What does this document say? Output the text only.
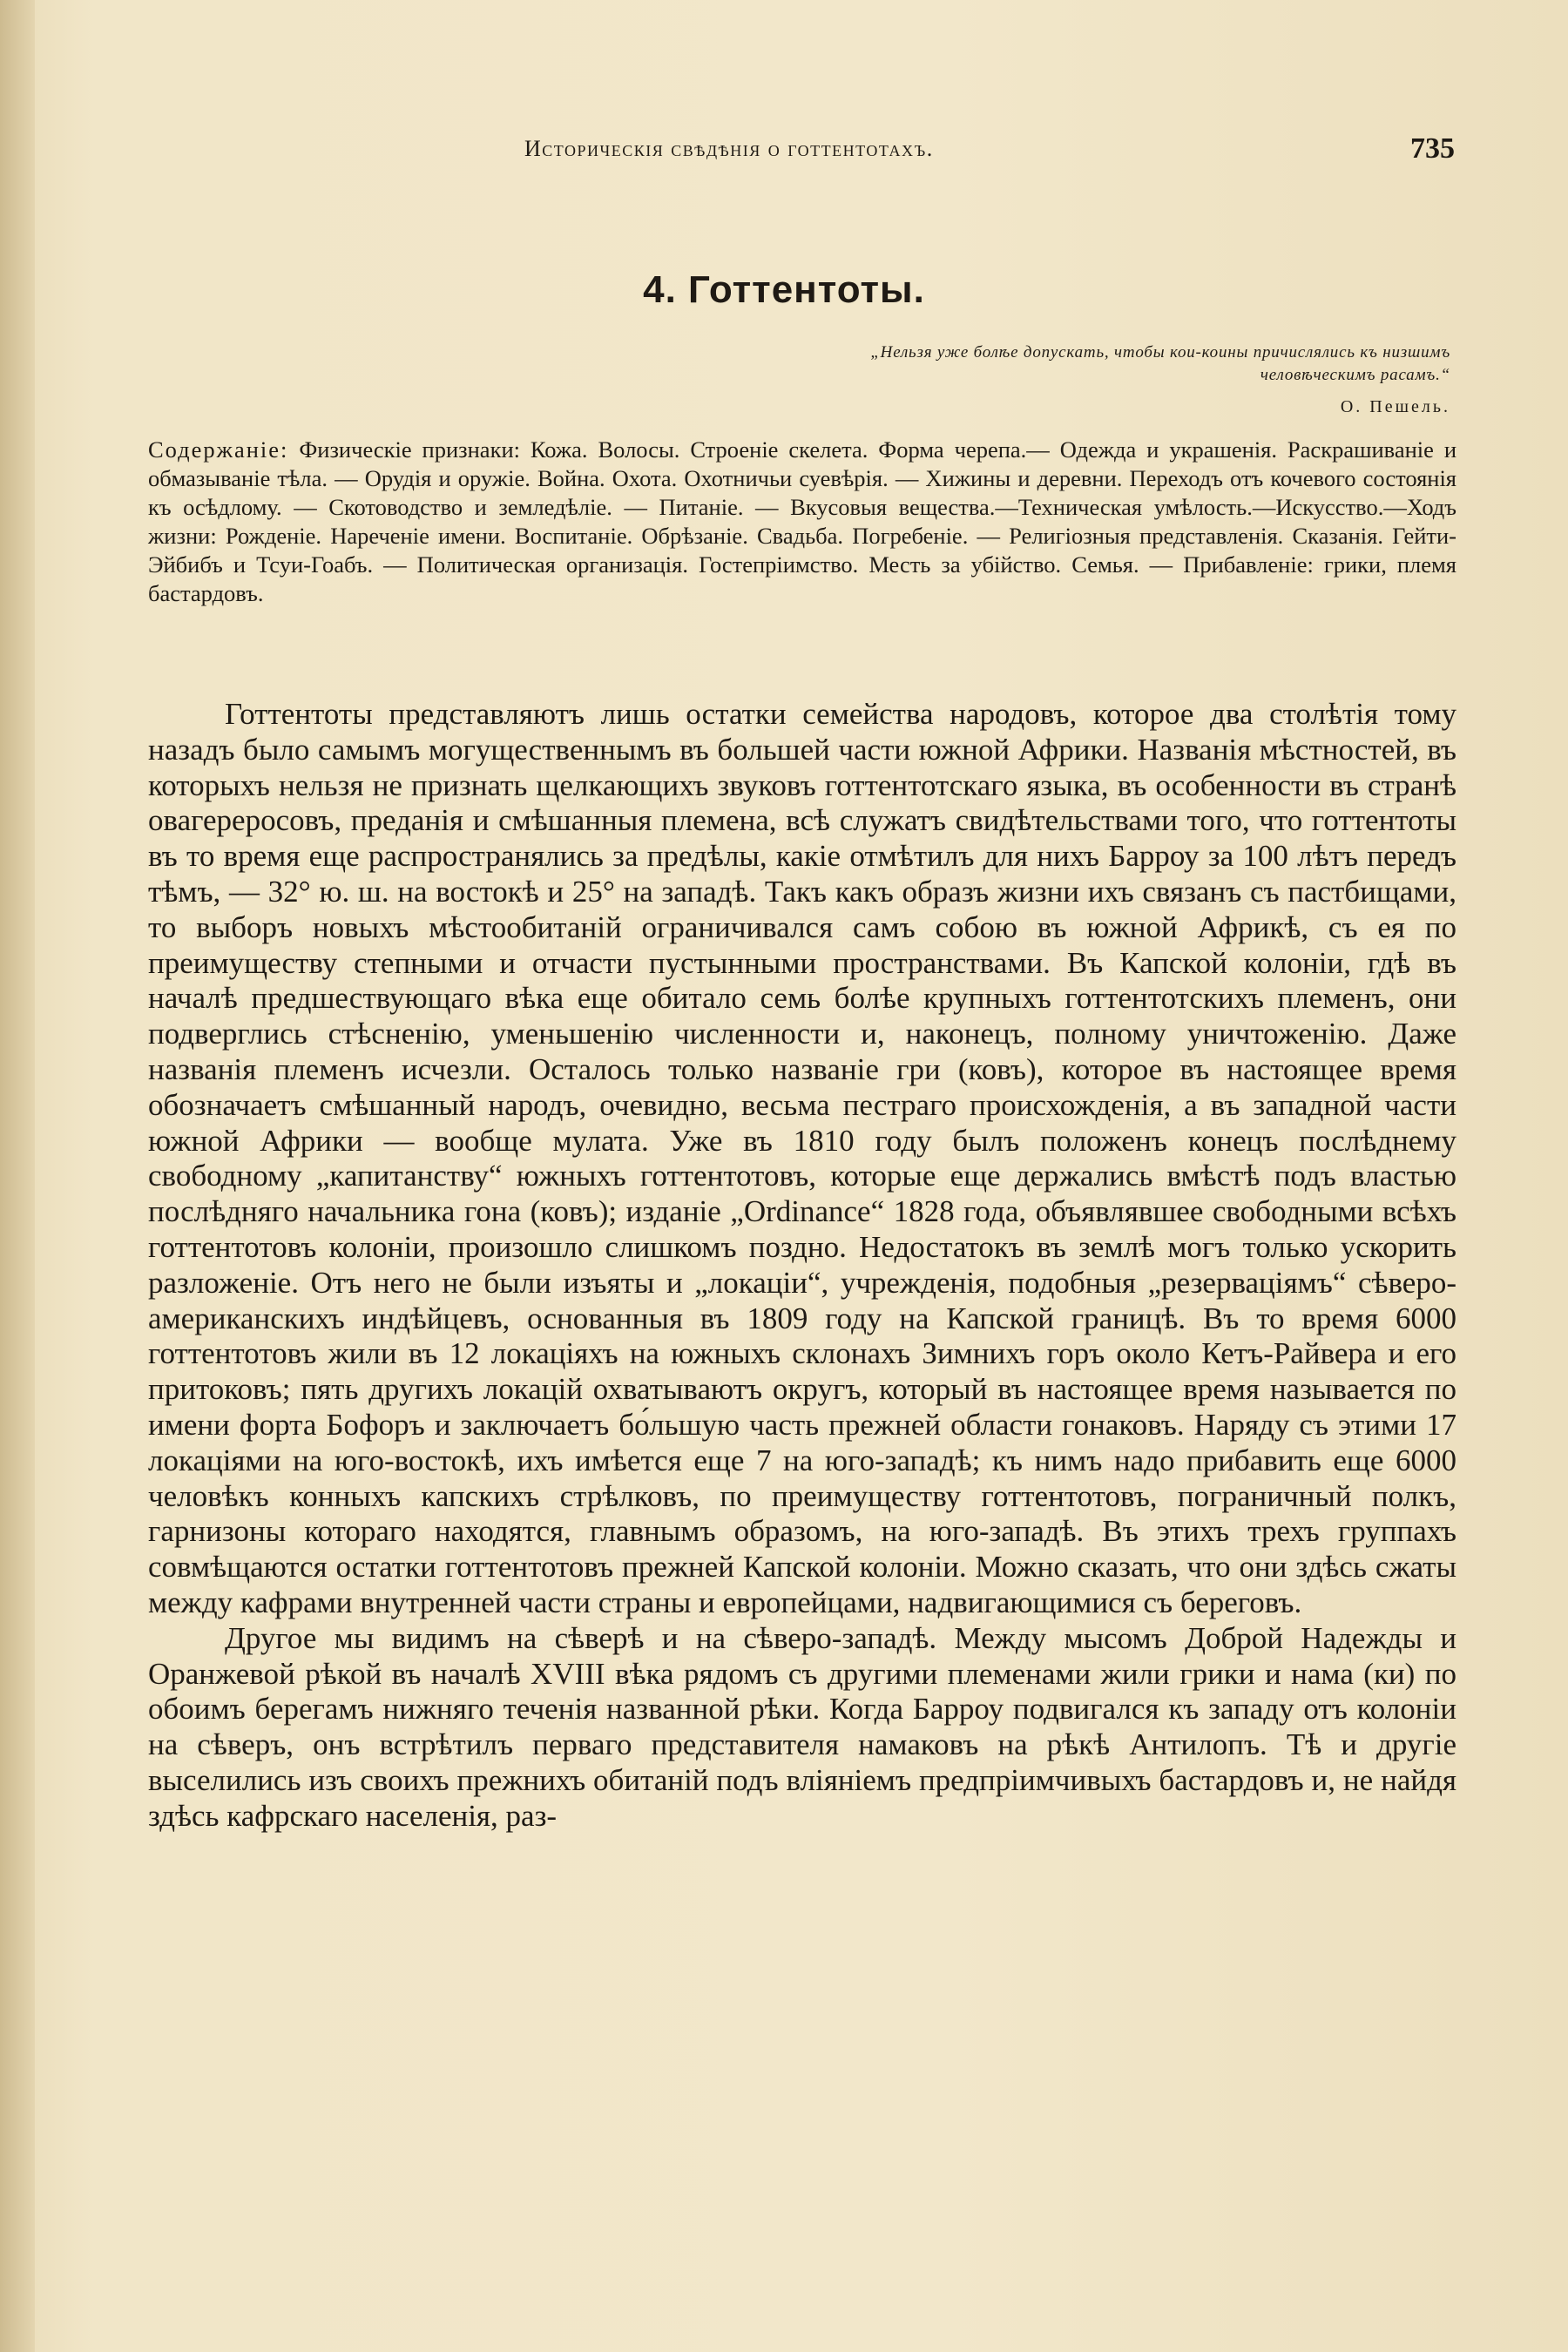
Историческія свѣдѣнія о готтентотахъ.	735
4. Готтентоты.
„Нельзя уже болѣе допускать, чтобы кои-коины причислялись къ низшимъ человѣческимъ расамъ.“
О. Пешель.
Содержаніе: Физическіе признаки: Кожа. Волосы. Строеніе скелета. Форма черепа.— Одежда и украшенія. Раскрашиваніе и обмазываніе тѣла. — Орудія и оружіе. Война. Охота. Охотничьи суевѣрія. — Хижины и деревни. Переходъ отъ кочевого состоянія къ осѣдлому. — Скотоводство и земледѣліе. — Питаніе. — Вкусовыя вещества.—Техническая умѣлость.—Искусство.—Ходъ жизни: Рожденіе. Нареченіе имени. Воспитаніе. Обрѣзаніе. Свадьба. Погребеніе. — Религіозныя представленія. Сказанія. Гейти-Эйбибъ и Тсуи-Гоабъ. — Политическая организація. Гостепріимство. Месть за убійство. Семья. — Прибавленіе: грики, племя бастардовъ.

Готтентоты представляютъ лишь остатки семейства народовъ, которое два столѣтія тому назадъ было самымъ могущественнымъ въ большей части южной Африки. Названія мѣстностей, въ которыхъ нельзя не признать щелкающихъ звуковъ готтентотскаго языка, въ особенности въ странѣ овагерероcовъ, преданія и смѣшанныя племена, всѣ служатъ свидѣтельствами того, что готтентоты въ то время еще распространялись за предѣлы, какіе отмѣтилъ для нихъ Барроу за 100 лѣтъ передъ тѣмъ, — 32° ю. ш. на востокѣ и 25° на западѣ. Такъ какъ образъ жизни ихъ связанъ съ пастбищами, то выборъ новыхъ мѣстообитаній ограничивался самъ собою въ южной Африкѣ, съ ея по преимуществу степными и отчасти пустынными пространствами. Въ Капской колоніи, гдѣ въ началѣ предшествующаго вѣка еще обитало семь болѣе крупныхъ готтентотскихъ племенъ, они подверглись стѣсненію, уменьшенію численности и, наконецъ, полному уничтоженію. Даже названія племенъ исчезли. Осталось только названіе гри (ковъ), которое въ настоящее время обозначаетъ смѣшанный народъ, очевидно, весьма пестраго происхожденія, а въ западной части южной Африки — вообще мулата. Уже въ 1810 году былъ положенъ конецъ послѣднему свободному „капитанству“ южныхъ готтентотовъ, которые еще держались вмѣстѣ подъ властью послѣдняго начальника гона (ковъ); изданіе „Ordinance“ 1828 года, объявлявшее свободными всѣхъ готтентотовъ колоніи, произошло слишкомъ поздно. Недостатокъ въ землѣ могъ только ускорить разложеніе. Отъ него не были изъяты и „локаціи“, учрежденія, подобныя „резерваціямъ“ сѣверо-американскихъ индѣйцевъ, основанныя въ 1809 году на Капской границѣ. Въ то время 6000 готтентотовъ жили въ 12 локаціяхъ на южныхъ склонахъ Зимнихъ горъ около Кетъ-Райвера и его притоковъ; пять другихъ локацій охватываютъ округъ, который въ настоящее время называется по имени форта Бофоръ и заключаетъ бо́льшую часть прежней области гонаковъ. Наряду съ этими 17 локаціями на юго-востокѣ, ихъ имѣется еще 7 на юго-западѣ; къ нимъ надо прибавить еще 6000 человѣкъ конныхъ капскихъ стрѣлковъ, по преимуществу готтентотовъ, пограничный полкъ, гарнизоны котораго находятся, главнымъ образомъ, на юго-западѣ. Въ этихъ трехъ группахъ совмѣщаются остатки готтентотовъ прежней Капской колоніи. Можно сказать, что они здѣсь сжаты между кафрами внутренней части страны и европейцами, надвигающимися съ береговъ.

Другое мы видимъ на сѣверѣ и на сѣверо-западѣ. Между мысомъ Доброй Надежды и Оранжевой рѣкой въ началѣ XVIII вѣка рядомъ съ другими племенами жили грики и нама (ки) по обоимъ берегамъ нижняго теченія названной рѣки. Когда Барроу подвигался къ западу отъ колоніи на сѣверъ, онъ встрѣтилъ перваго представителя намаковъ на рѣкѣ Антилопъ. Тѣ и другіе выселились изъ своихъ прежнихъ обитаній подъ вліяніемъ предпріимчивыхъ бастардовъ и, не найдя здѣсь кафрскаго населенія, раз-
